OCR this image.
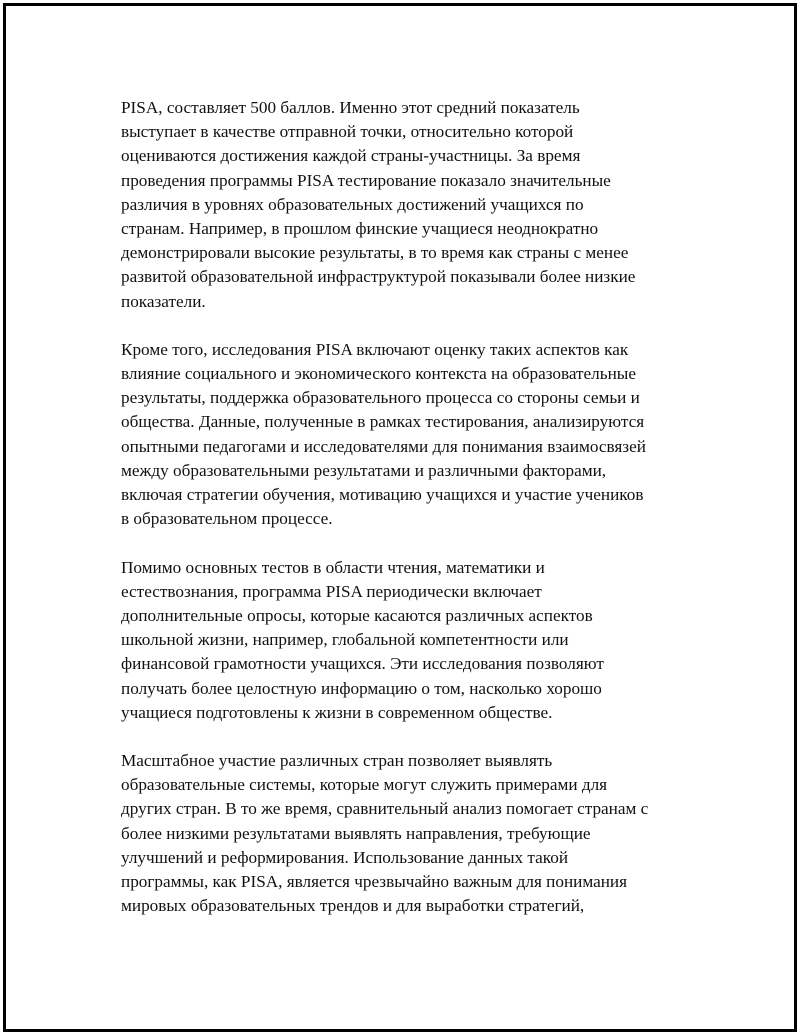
PISA, составляет 500 баллов. Именно этот средний показатель
выступает в качестве отправной точки, относительно которой
оцениваются достижения каждой страны-участницы. За время
проведения программы PISA тестирование показало значительные
различия в уровнях образовательных достижений учащихся по
странам. Например, в прошлом финские учащиеся неоднократно
демонстрировали высокие результаты, в то время как страны с менее
развитой образовательной инфраструктурой показывали более низкие
показатели.
Кроме того, исследования PISA включают оценку таких аспектов как
влияние социального и экономического контекста на образовательные
результаты, поддержка образовательного процесса со стороны семьи и
общества. Данные, полученные в рамках тестирования, анализируются
опытными педагогами и исследователями для понимания взаимосвязей
между образовательными результатами и различными факторами,
включая стратегии обучения, мотивацию учащихся и участие учеников
в образовательном процессе.
Помимо основных тестов в области чтения, математики и
естествознания, программа PISA периодически включает
дополнительные опросы, которые касаются различных аспектов
школьной жизни, например, глобальной компетентности или
финансовой грамотности учащихся. Эти исследования позволяют
получать более целостную информацию о том, насколько хорошо
учащиеся подготовлены к жизни в современном обществе.
Масштабное участие различных стран позволяет выявлять
образовательные системы, которые могут служить примерами для
других стран. В то же время, сравнительный анализ помогает странам с
более низкими результатами выявлять направления, требующие
улучшений и реформирования. Использование данных такой
программы, как PISA, является чрезвычайно важным для понимания
мировых образовательных трендов и для выработки стратегий,
